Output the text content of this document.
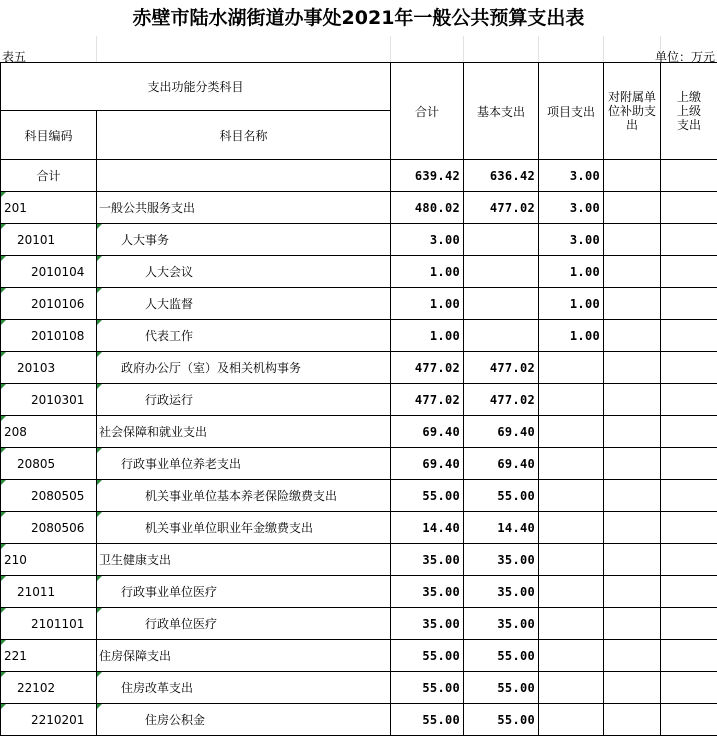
赤壁市陆水湖街道办事处2021年一般公共预算支出表
表五	单位：万元
支出功能分类科目		合计	基本支出	项目支出	对附属单位补助支出	上缴上级支出
科目编码	科目名称					
合计		639.42	636.42	3.00		
201	一般公共服务支出	480.02	477.02	3.00		
20101	人大事务	3.00		3.00		
2010104	人大会议	1.00		1.00		
2010106	人大监督	1.00		1.00		
2010108	代表工作	1.00		1.00		
20103	政府办公厅（室）及相关机构事务	477.02	477.02			
2010301	行政运行	477.02	477.02			
208	社会保障和就业支出	69.40	69.40			
20805	行政事业单位养老支出	69.40	69.40			
2080505	机关事业单位基本养老保险缴费支出	55.00	55.00			
2080506	机关事业单位职业年金缴费支出	14.40	14.40			
210	卫生健康支出	35.00	35.00			
21011	行政事业单位医疗	35.00	35.00			
2101101	行政单位医疗	35.00	35.00			
221	住房保障支出	55.00	55.00			
22102	住房改革支出	55.00	55.00			
2210201	住房公积金	55.00	55.00			
